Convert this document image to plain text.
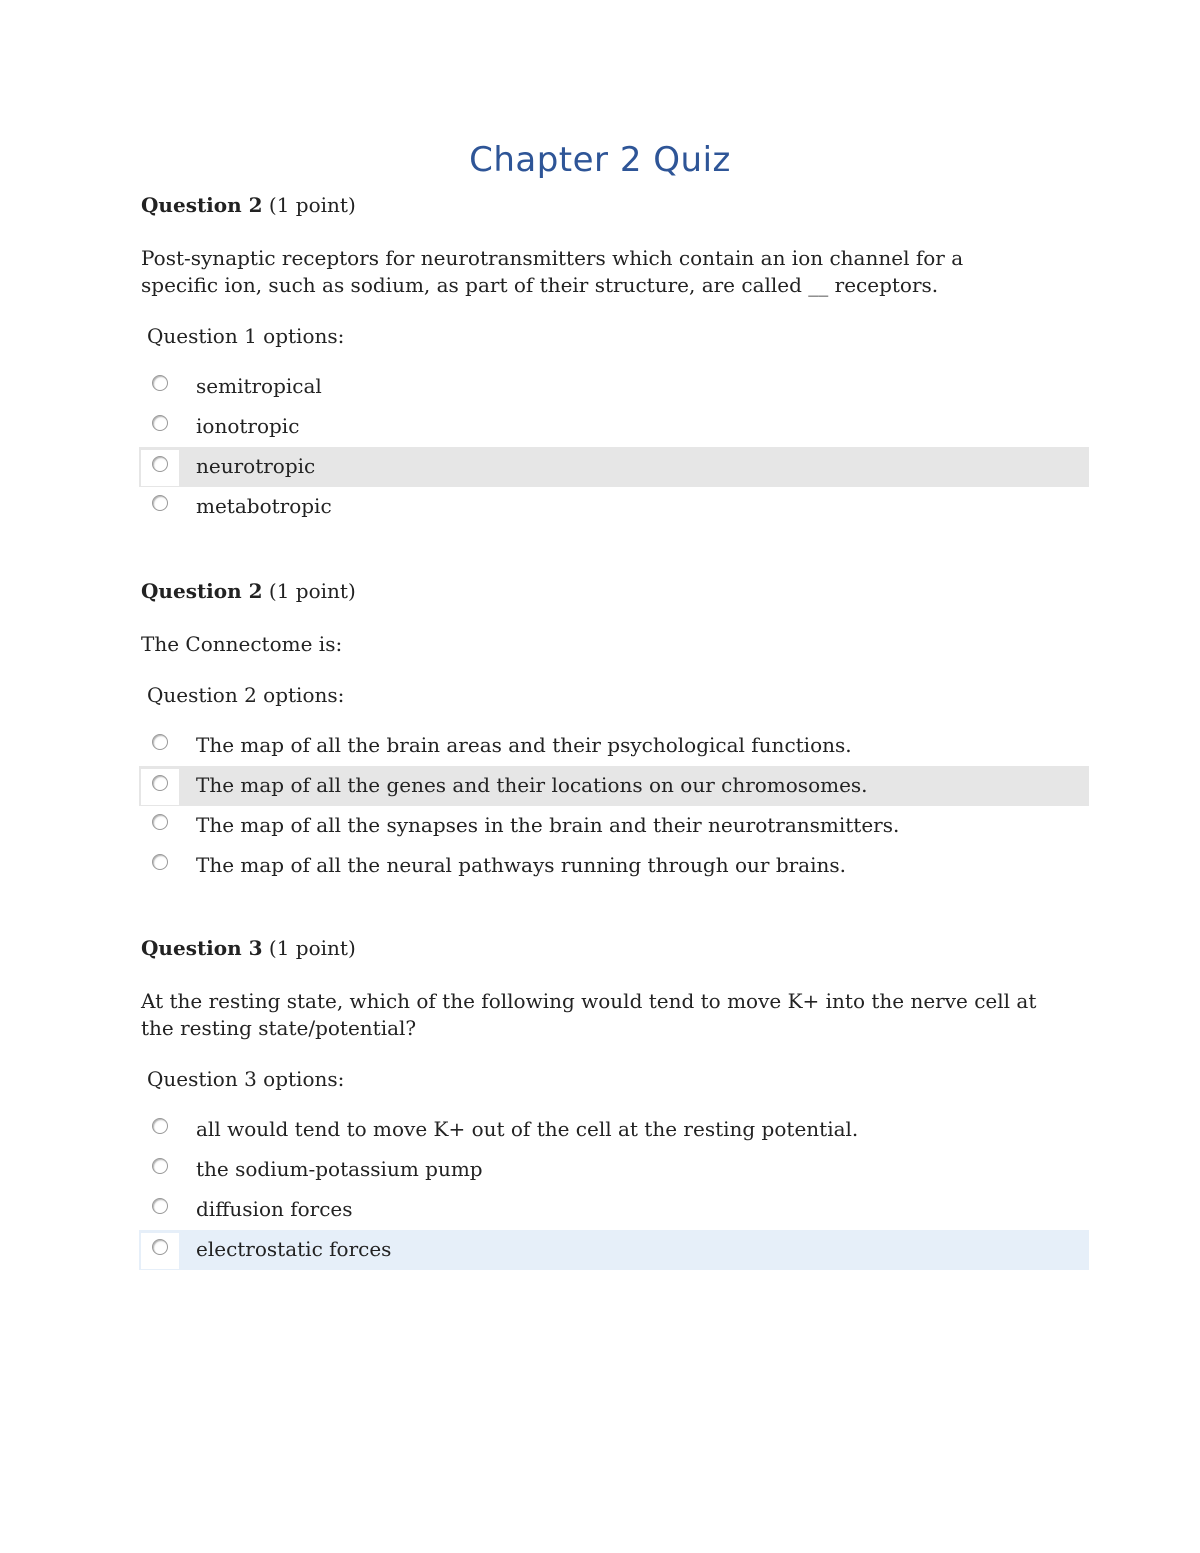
Chapter 2 Quiz

Question 2 (1 point)

Post-synaptic receptors for neurotransmitters which contain an ion channel for a specific ion, such as sodium, as part of their structure, are called __ receptors.

Question 1 options:

semitropical
ionotropic
neurotropic
metabotropic

Question 2 (1 point)

The Connectome is:

Question 2 options:

The map of all the brain areas and their psychological functions.
The map of all the genes and their locations on our chromosomes.
The map of all the synapses in the brain and their neurotransmitters.
The map of all the neural pathways running through our brains.

Question 3 (1 point)

At the resting state, which of the following would tend to move K+ into the nerve cell at the resting state/potential?

Question 3 options:

all would tend to move K+ out of the cell at the resting potential.
the sodium-potassium pump
diffusion forces
electrostatic forces
